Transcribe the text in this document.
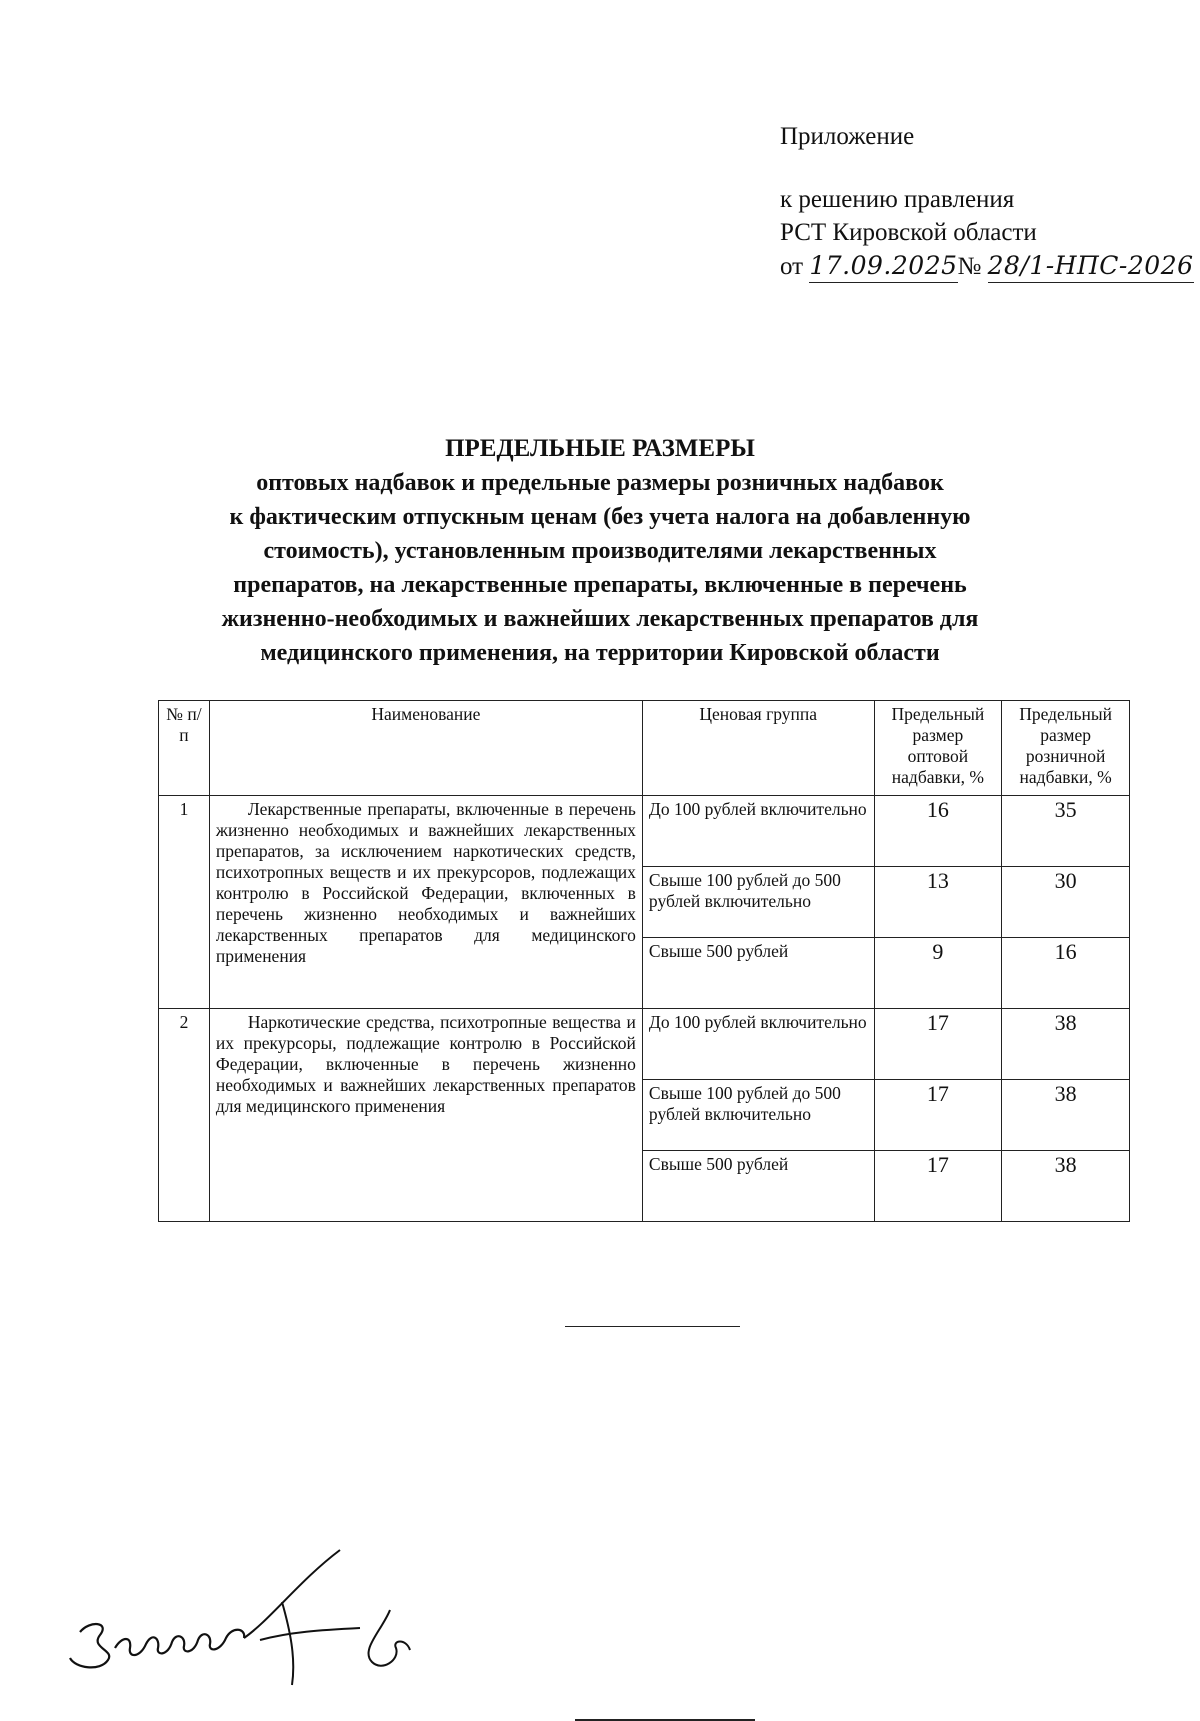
Приложение
к решению правления
РСТ Кировской области
от 17.09.2025№ 28/1-НПС-2026
ПРЕДЕЛЬНЫЕ РАЗМЕРЫ
оптовых надбавок и предельные размеры розничных надбавок
к фактическим отпускным ценам (без учета налога на добавленную
стоимость), установленным производителями лекарственных
препаратов, на лекарственные препараты, включенные в перечень
жизненно-необходимых и важнейших лекарственных препаратов для
медицинского применения, на территории Кировской области
№ п/п	Наименование	Ценовая группа	Предельный размер оптовой надбавки, %	Предельный размер розничной надбавки, %
1	Лекарственные препараты, включенные в перечень жизненно необходимых и важнейших лекарственных препаратов, за исключением наркотических средств, психотропных веществ и их прекурсоров, подлежащих контролю в Российской Федерации, включенных в перечень жизненно необходимых и важнейших лекарственных препаратов для медицинского применения	До 100 рублей включительно	16	35
		Свыше 100 рублей до 500 рублей включительно	13	30
		Свыше 500 рублей	9	16
2	Наркотические средства, психотропные вещества и их прекурсоры, подлежащие контролю в Российской Федерации, включенные в перечень жизненно необходимых и важнейших лекарственных препаратов для медицинского применения	До 100 рублей включительно	17	38
		Свыше 100 рублей до 500 рублей включительно	17	38
		Свыше 500 рублей	17	38
